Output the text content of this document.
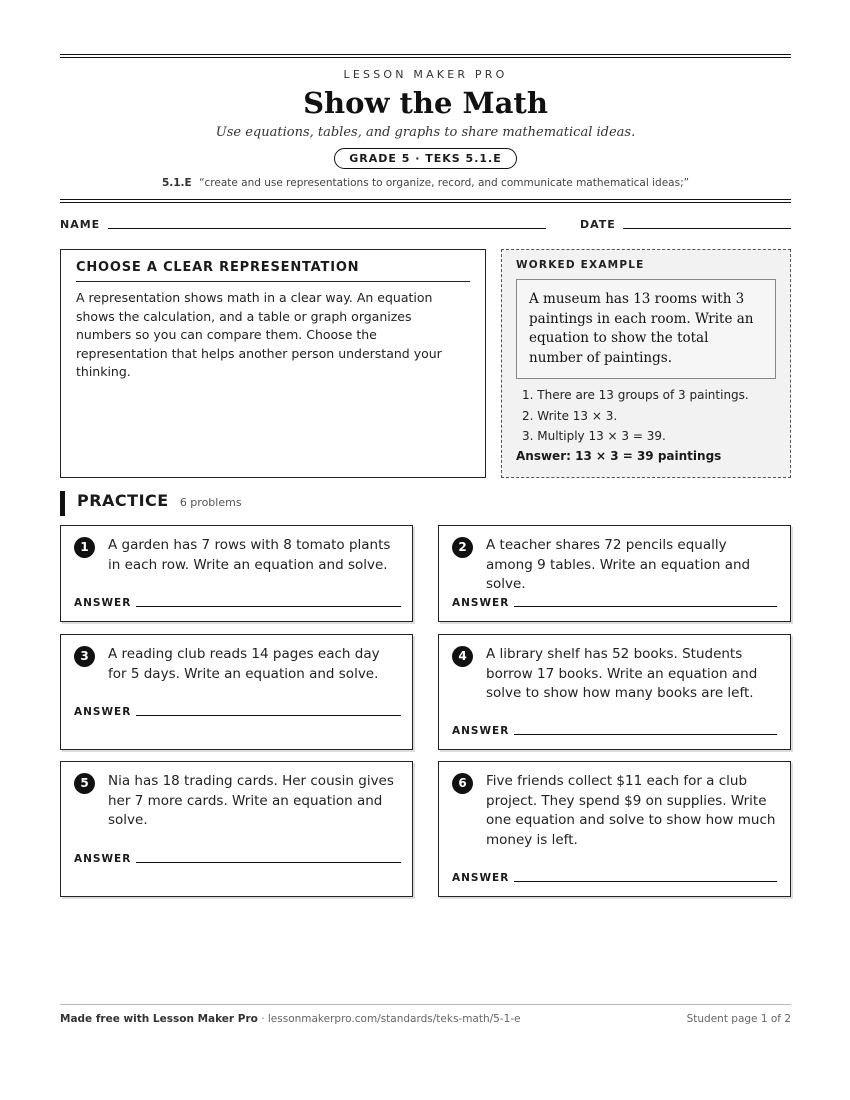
LESSON MAKER PRO
Show the Math
Use equations, tables, and graphs to share mathematical ideas.
GRADE 5 · TEKS 5.1.E
5.1.E “create and use representations to organize, record, and communicate mathematical ideas;”
NAME	DATE
CHOOSE A CLEAR REPRESENTATION
A representation shows math in a clear way. An equation shows the calculation, and a table or graph organizes numbers so you can compare them. Choose the representation that helps another person understand your thinking.
WORKED EXAMPLE
A museum has 13 rooms with 3 paintings in each room. Write an equation to show the total number of paintings.
1. There are 13 groups of 3 paintings.
2. Write 13 × 3.
3. Multiply 13 × 3 = 39.
Answer: 13 × 3 = 39 paintings
PRACTICE 6 problems
1	A garden has 7 rows with 8 tomato plants in each row. Write an equation and solve.
ANSWER
2	A teacher shares 72 pencils equally among 9 tables. Write an equation and solve.
ANSWER
3	A reading club reads 14 pages each day for 5 days. Write an equation and solve.
ANSWER
4	A library shelf has 52 books. Students borrow 17 books. Write an equation and solve to show how many books are left.
ANSWER
5	Nia has 18 trading cards. Her cousin gives her 7 more cards. Write an equation and solve.
ANSWER
6	Five friends collect $11 each for a club project. They spend $9 on supplies. Write one equation and solve to show how much money is left.
ANSWER
Made free with Lesson Maker Pro · lessonmakerpro.com/standards/teks-math/5-1-e	Student page 1 of 2
